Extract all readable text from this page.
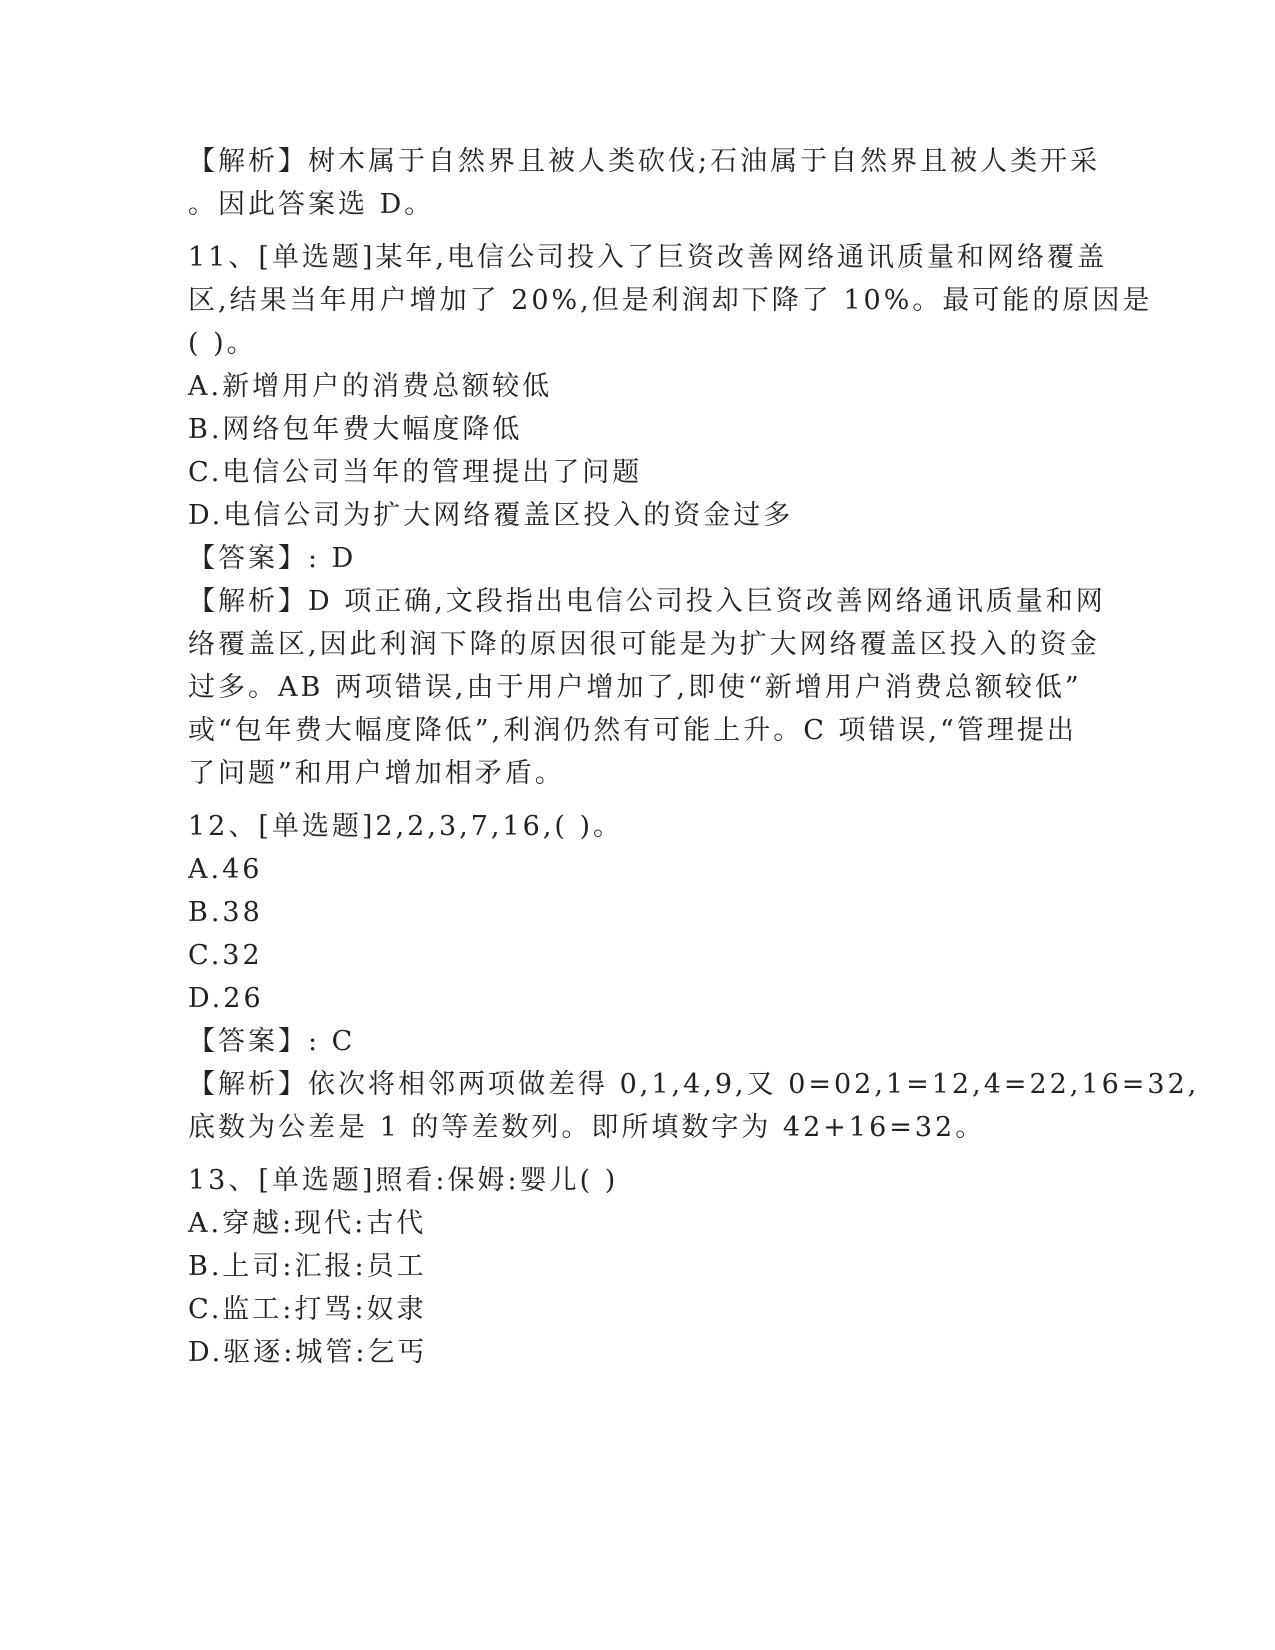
【解析】树木属于自然界且被人类砍伐;石油属于自然界且被人类开采
。因此答案选 D。
11、[单选题]某年,电信公司投入了巨资改善网络通讯质量和网络覆盖
区,结果当年用户增加了 20%,但是利润却下降了 10%。最可能的原因是
( )。
A.新增用户的消费总额较低
B.网络包年费大幅度降低
C.电信公司当年的管理提出了问题
D.电信公司为扩大网络覆盖区投入的资金过多
【答案】: D
【解析】D 项正确,文段指出电信公司投入巨资改善网络通讯质量和网
络覆盖区,因此利润下降的原因很可能是为扩大网络覆盖区投入的资金
过多。AB 两项错误,由于用户增加了,即使“新增用户消费总额较低”
或“包年费大幅度降低”,利润仍然有可能上升。C 项错误,“管理提出
了问题”和用户增加相矛盾。
12、[单选题]2,2,3,7,16,( )。
A.46
B.38
C.32
D.26
【答案】: C
【解析】依次将相邻两项做差得 0,1,4,9,又 0=02,1=12,4=22,16=32,
底数为公差是 1 的等差数列。即所填数字为 42+16=32。
13、[单选题]照看:保姆:婴儿( )
A.穿越:现代:古代
B.上司:汇报:员工
C.监工:打骂:奴隶
D.驱逐:城管:乞丐
